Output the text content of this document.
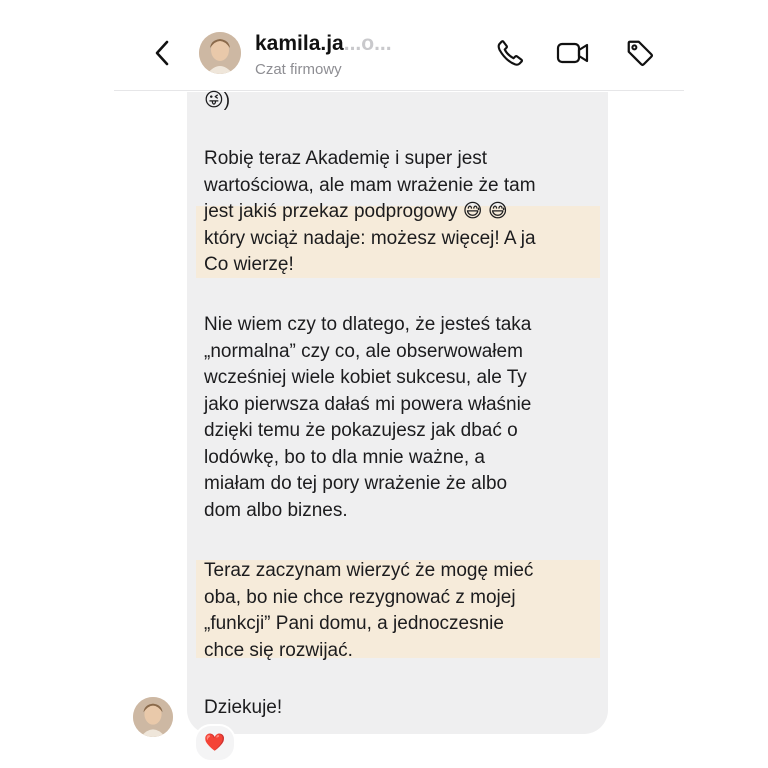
kamila.ja...o...
Czat firmowy
😜)
Robię teraz Akademię i super jest
wartościowa, ale mam wrażenie że tam
jest jakiś przekaz podprogowy 😅 😅
który wciąż nadaje: możesz więcej! A ja
Co wierzę!
Nie wiem czy to dlatego, że jesteś taka
„normalna” czy co, ale obserwowałem
wcześniej wiele kobiet sukcesu, ale Ty
jako pierwsza dałaś mi powera właśnie
dzięki temu że pokazujesz jak dbać o
lodówkę, bo to dla mnie ważne, a
miałam do tej pory wrażenie że albo
dom albo biznes.
Teraz zaczynam wierzyć że mogę mieć
oba, bo nie chce rezygnować z mojej
„funkcji” Pani domu, a jednoczesnie
chce się rozwijać.
Dziekuje!
❤️
